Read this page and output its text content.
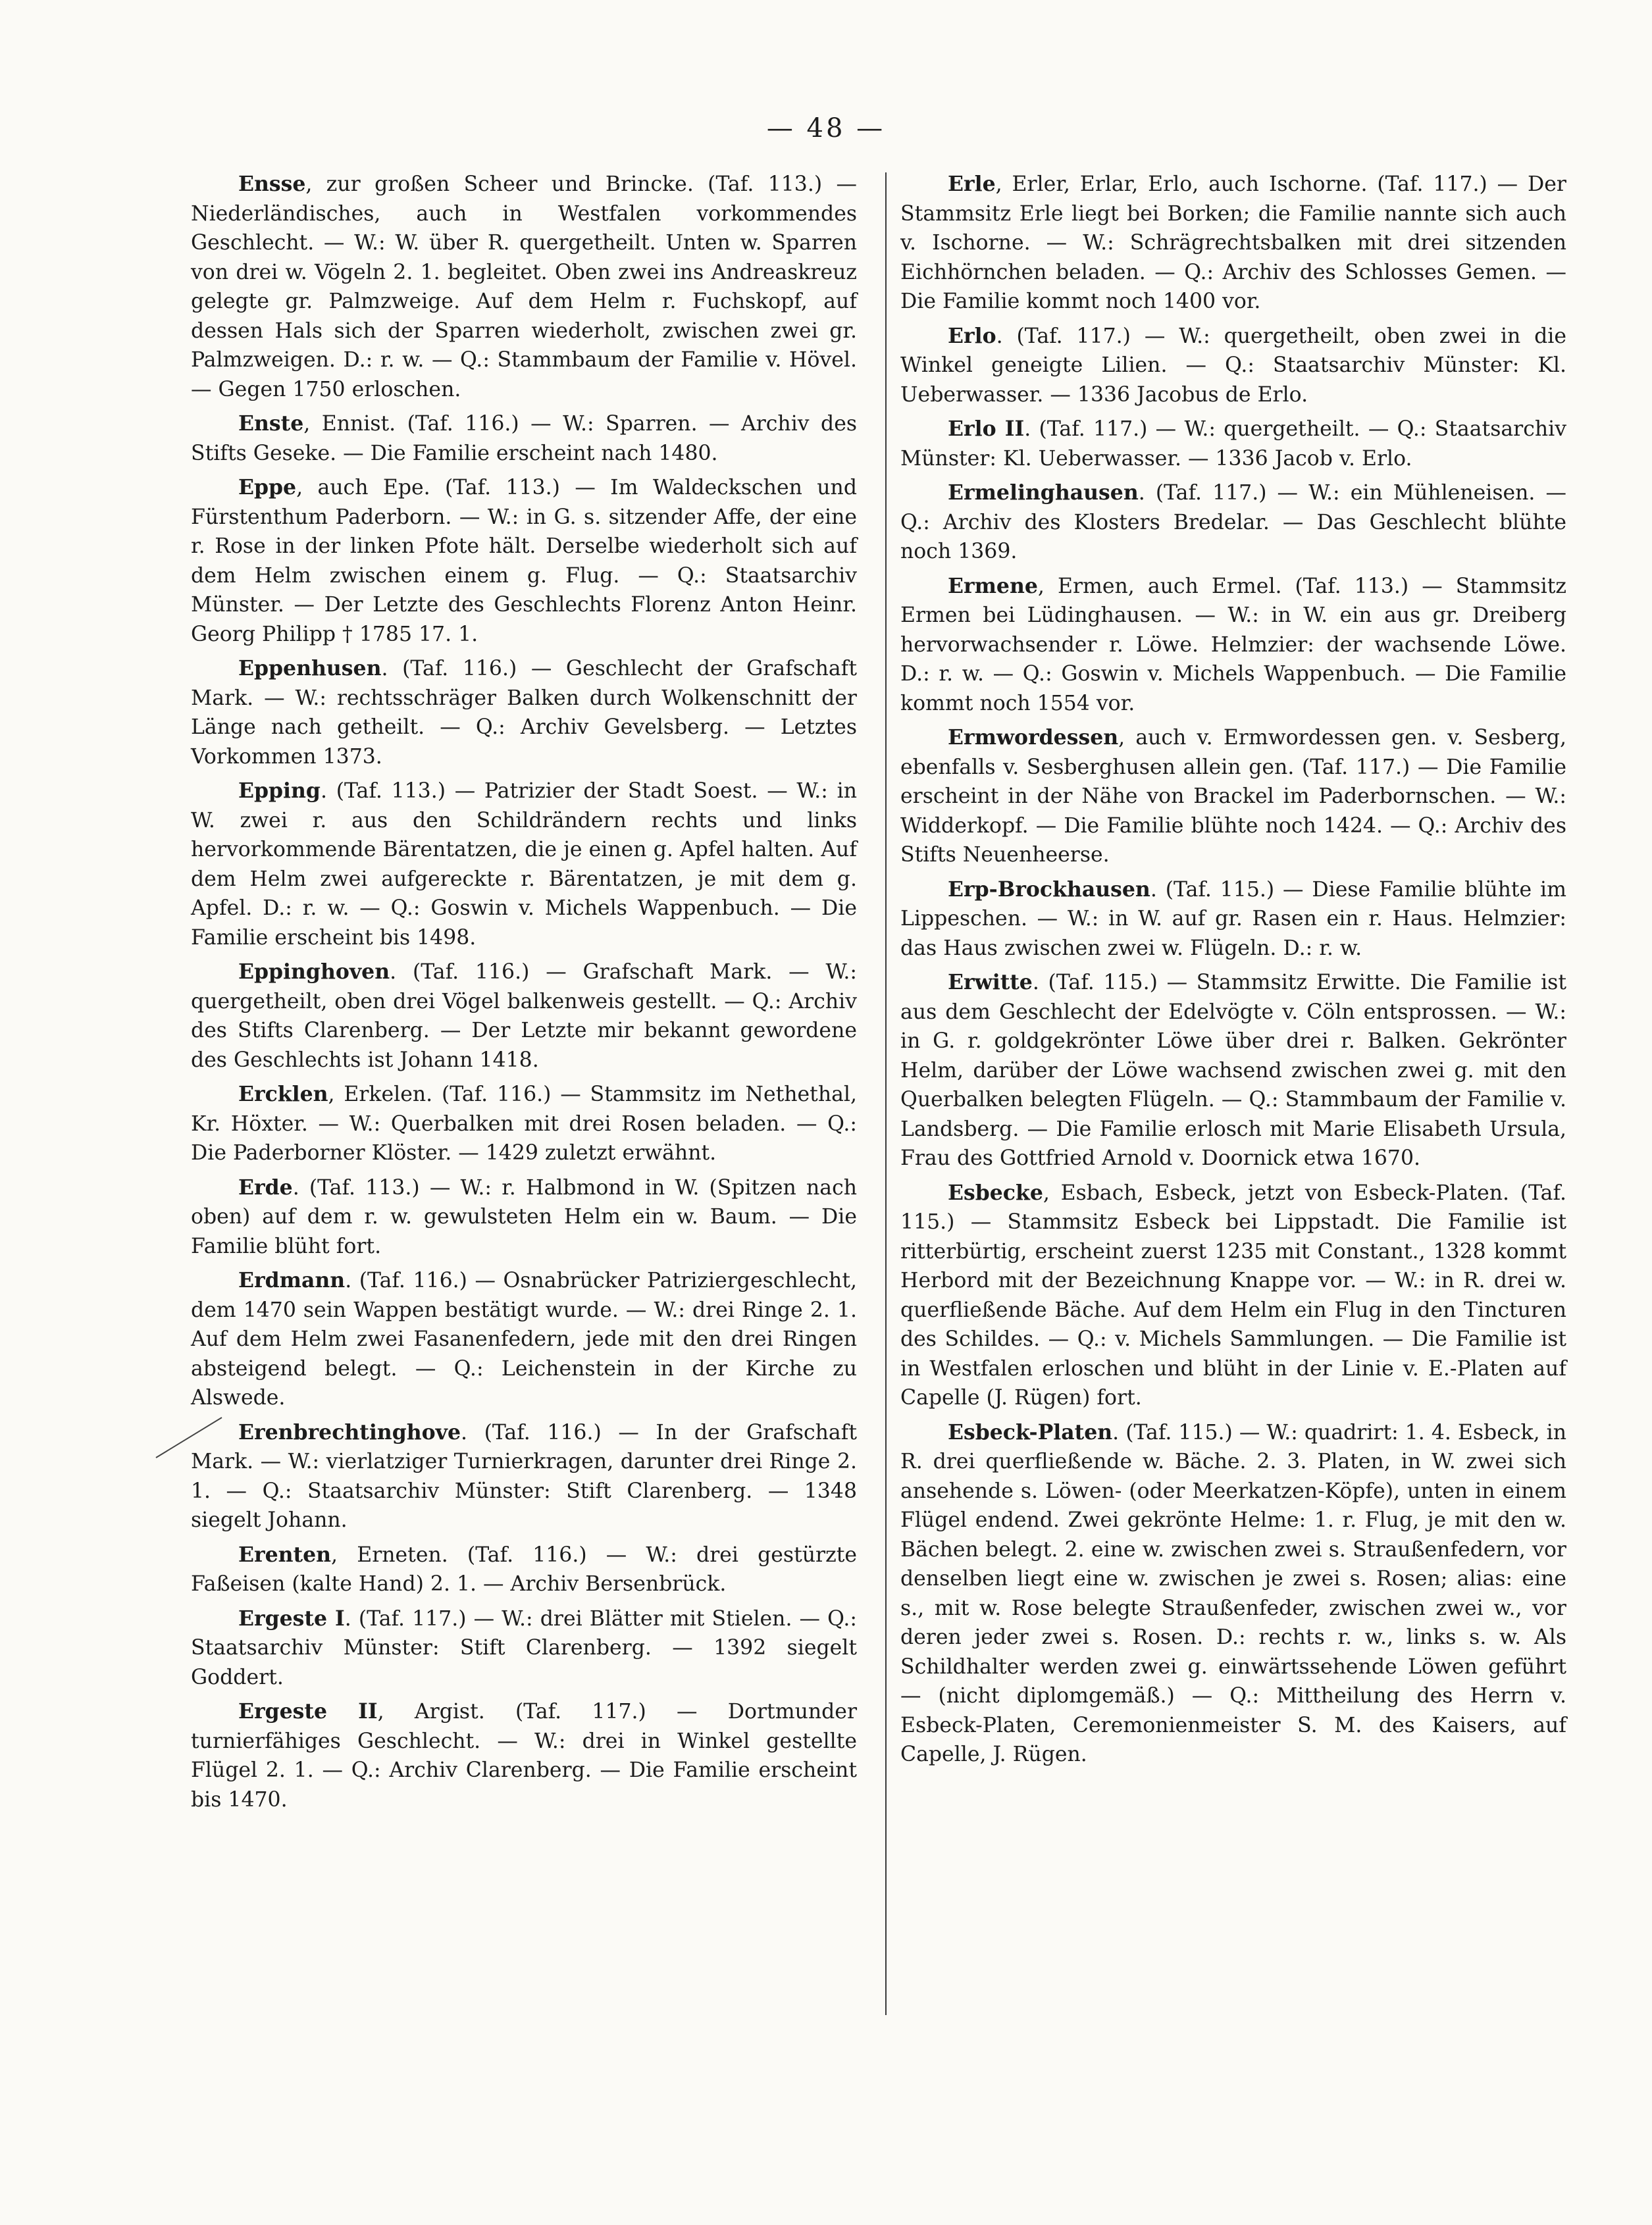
— 48 —

Ensse, zur großen Scheer und Brincke. (Taf. 113.) — Niederländisches, auch in Westfalen vorkommendes Geschlecht. — W.: W. über R. quergetheilt. Unten w. Sparren von drei w. Vögeln 2. 1. begleitet. Oben zwei ins Andreaskreuz gelegte gr. Palmzweige. Auf dem Helm r. Fuchskopf, auf dessen Hals sich der Sparren wiederholt, zwischen zwei gr. Palmzweigen. D.: r. w. — Q.: Stammbaum der Familie v. Hövel. — Gegen 1750 erloschen.

Enste, Ennist. (Taf. 116.) — W.: Sparren. — Archiv des Stifts Geseke. — Die Familie erscheint nach 1480.

Eppe, auch Epe. (Taf. 113.) — Im Waldeckschen und Fürstenthum Paderborn. — W.: in G. s. sitzender Affe, der eine r. Rose in der linken Pfote hält. Derselbe wiederholt sich auf dem Helm zwischen einem g. Flug. — Q.: Staatsarchiv Münster. — Der Letzte des Geschlechts Florenz Anton Heinr. Georg Philipp † 1785 17. 1.

Eppenhusen. (Taf. 116.) — Geschlecht der Grafschaft Mark. — W.: rechtsschräger Balken durch Wolkenschnitt der Länge nach getheilt. — Q.: Archiv Gevelsberg. — Letztes Vorkommen 1373.

Epping. (Taf. 113.) — Patrizier der Stadt Soest. — W.: in W. zwei r. aus den Schildrändern rechts und links hervorkommende Bärentatzen, die je einen g. Apfel halten. Auf dem Helm zwei aufgereckte r. Bärentatzen, je mit dem g. Apfel. D.: r. w. — Q.: Goswin v. Michels Wappenbuch. — Die Familie erscheint bis 1498.

Eppinghoven. (Taf. 116.) — Grafschaft Mark. — W.: quergetheilt, oben drei Vögel balkenweis gestellt. — Q.: Archiv des Stifts Clarenberg. — Der Letzte mir bekannt gewordene des Geschlechts ist Johann 1418.

Ercklen, Erkelen. (Taf. 116.) — Stammsitz im Nethethal, Kr. Höxter. — W.: Querbalken mit drei Rosen beladen. — Q.: Die Paderborner Klöster. — 1429 zuletzt erwähnt.

Erde. (Taf. 113.) — W.: r. Halbmond in W. (Spitzen nach oben) auf dem r. w. gewulsteten Helm ein w. Baum. — Die Familie blüht fort.

Erdmann. (Taf. 116.) — Osnabrücker Patriziergeschlecht, dem 1470 sein Wappen bestätigt wurde. — W.: drei Ringe 2. 1. Auf dem Helm zwei Fasanenfedern, jede mit den drei Ringen absteigend belegt. — Q.: Leichenstein in der Kirche zu Alswede.

Erenbrechtinghove. (Taf. 116.) — In der Grafschaft Mark. — W.: vierlatziger Turnierkragen, darunter drei Ringe 2. 1. — Q.: Staatsarchiv Münster: Stift Clarenberg. — 1348 siegelt Johann.

Erenten, Erneten. (Taf. 116.) — W.: drei gestürzte Faßeisen (kalte Hand) 2. 1. — Archiv Bersenbrück.

Ergeste I. (Taf. 117.) — W.: drei Blätter mit Stielen. — Q.: Staatsarchiv Münster: Stift Clarenberg. — 1392 siegelt Goddert.

Ergeste II, Argist. (Taf. 117.) — Dortmunder turnierfähiges Geschlecht. — W.: drei in Winkel gestellte Flügel 2. 1. — Q.: Archiv Clarenberg. — Die Familie erscheint bis 1470.

Erle, Erler, Erlar, Erlo, auch Ischorne. (Taf. 117.) — Der Stammsitz Erle liegt bei Borken; die Familie nannte sich auch v. Ischorne. — W.: Schrägrechtsbalken mit drei sitzenden Eichhörnchen beladen. — Q.: Archiv des Schlosses Gemen. — Die Familie kommt noch 1400 vor.

Erlo. (Taf. 117.) — W.: quergetheilt, oben zwei in die Winkel geneigte Lilien. — Q.: Staatsarchiv Münster: Kl. Ueberwasser. — 1336 Jacobus de Erlo.

Erlo II. (Taf. 117.) — W.: quergetheilt. — Q.: Staatsarchiv Münster: Kl. Ueberwasser. — 1336 Jacob v. Erlo.

Ermelinghausen. (Taf. 117.) — W.: ein Mühleneisen. — Q.: Archiv des Klosters Bredelar. — Das Geschlecht blühte noch 1369.

Ermene, Ermen, auch Ermel. (Taf. 113.) — Stammsitz Ermen bei Lüdinghausen. — W.: in W. ein aus gr. Dreiberg hervorwachsender r. Löwe. Helmzier: der wachsende Löwe. D.: r. w. — Q.: Goswin v. Michels Wappenbuch. — Die Familie kommt noch 1554 vor.

Ermwordessen, auch v. Ermwordessen gen. v. Sesberg, ebenfalls v. Sesberghusen allein gen. (Taf. 117.) — Die Familie erscheint in der Nähe von Brackel im Paderbornschen. — W.: Widderkopf. — Die Familie blühte noch 1424. — Q.: Archiv des Stifts Neuenheerse.

Erp-Brockhausen. (Taf. 115.) — Diese Familie blühte im Lippeschen. — W.: in W. auf gr. Rasen ein r. Haus. Helmzier: das Haus zwischen zwei w. Flügeln. D.: r. w.

Erwitte. (Taf. 115.) — Stammsitz Erwitte. Die Familie ist aus dem Geschlecht der Edelvögte v. Cöln entsprossen. — W.: in G. r. goldgekrönter Löwe über drei r. Balken. Gekrönter Helm, darüber der Löwe wachsend zwischen zwei g. mit den Querbalken belegten Flügeln. — Q.: Stammbaum der Familie v. Landsberg. — Die Familie erlosch mit Marie Elisabeth Ursula, Frau des Gottfried Arnold v. Doornick etwa 1670.

Esbecke, Esbach, Esbeck, jetzt von Esbeck-Platen. (Taf. 115.) — Stammsitz Esbeck bei Lippstadt. Die Familie ist ritterbürtig, erscheint zuerst 1235 mit Constant., 1328 kommt Herbord mit der Bezeichnung Knappe vor. — W.: in R. drei w. querfließende Bäche. Auf dem Helm ein Flug in den Tincturen des Schildes. — Q.: v. Michels Sammlungen. — Die Familie ist in Westfalen erloschen und blüht in der Linie v. E.-Platen auf Capelle (J. Rügen) fort.

Esbeck-Platen. (Taf. 115.) — W.: quadrirt: 1. 4. Esbeck, in R. drei querfließende w. Bäche. 2. 3. Platen, in W. zwei sich ansehende s. Löwen- (oder Meerkatzen-Köpfe), unten in einem Flügel endend. Zwei gekrönte Helme: 1. r. Flug, je mit den w. Bächen belegt. 2. eine w. zwischen zwei s. Straußenfedern, vor denselben liegt eine w. zwischen je zwei s. Rosen; alias: eine s., mit w. Rose belegte Straußenfeder, zwischen zwei w., vor deren jeder zwei s. Rosen. D.: rechts r. w., links s. w. Als Schildhalter werden zwei g. einwärtssehende Löwen geführt — (nicht diplomgemäß.) — Q.: Mittheilung des Herrn v. Esbeck-Platen, Ceremonienmeister S. M. des Kaisers, auf Capelle, J. Rügen.
